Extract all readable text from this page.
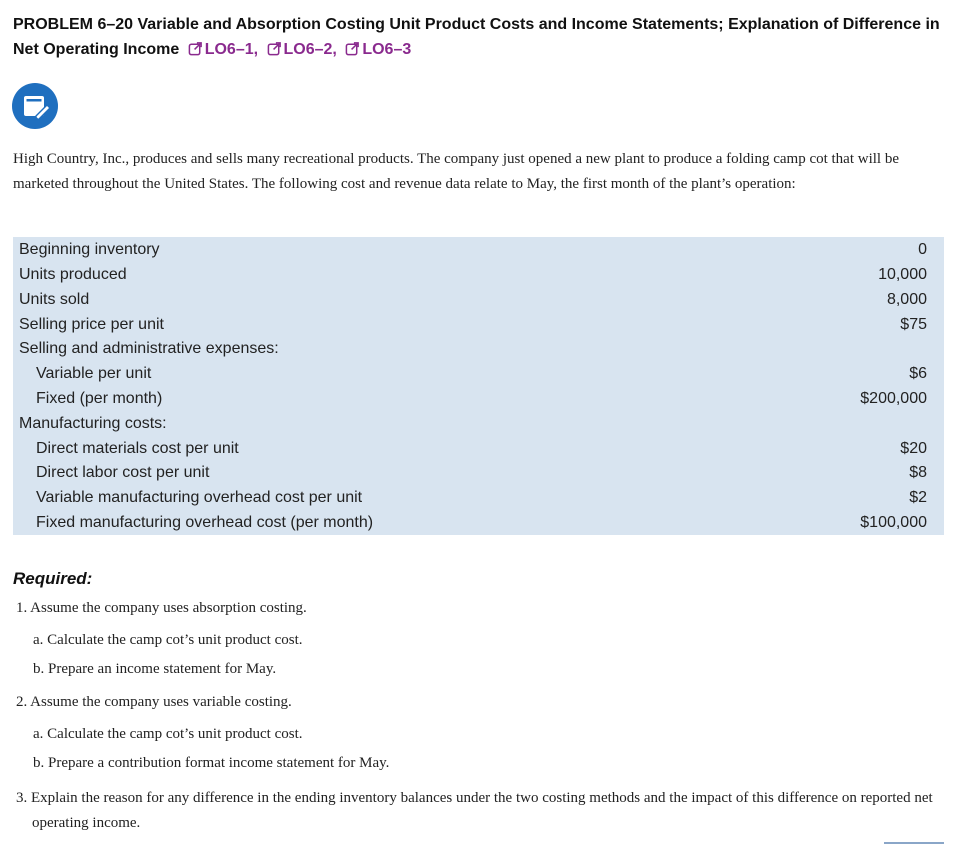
PROBLEM 6–20 Variable and Absorption Costing Unit Product Costs and Income Statements; Explanation of Difference in Net Operating Income LO6–1, LO6–2, LO6–3
High Country, Inc., produces and sells many recreational products. The company just opened a new plant to produce a folding camp cot that will be marketed throughout the United States. The following cost and revenue data relate to May, the first month of the plant’s operation:
Beginning inventory	0
Units produced	10,000
Units sold	8,000
Selling price per unit	$75
Selling and administrative expenses:
Variable per unit	$6
Fixed (per month)	$200,000
Manufacturing costs:
Direct materials cost per unit	$20
Direct labor cost per unit	$8
Variable manufacturing overhead cost per unit	$2
Fixed manufacturing overhead cost (per month)	$100,000
Required:
1. Assume the company uses absorption costing.
a. Calculate the camp cot’s unit product cost.
b. Prepare an income statement for May.
2. Assume the company uses variable costing.
a. Calculate the camp cot’s unit product cost.
b. Prepare a contribution format income statement for May.
3. Explain the reason for any difference in the ending inventory balances under the two costing methods and the impact of this difference on reported net operating income.
